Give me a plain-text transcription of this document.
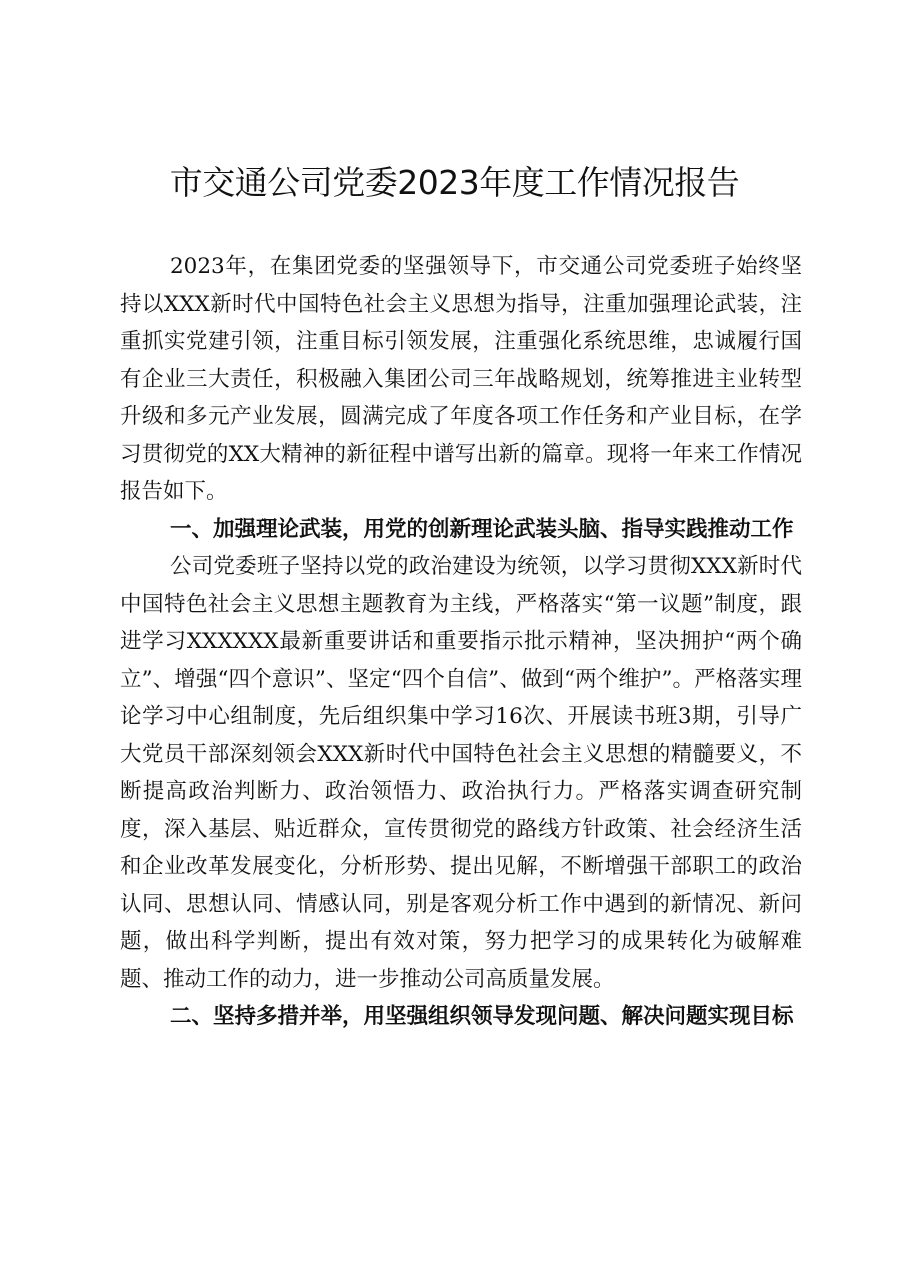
市交通公司党委2023年度工作情况报告

2023年，在集团党委的坚强领导下，市交通公司党委班子始终坚持以XXX新时代中国特色社会主义思想为指导，注重加强理论武装，注重抓实党建引领，注重目标引领发展，注重强化系统思维，忠诚履行国有企业三大责任，积极融入集团公司三年战略规划，统筹推进主业转型升级和多元产业发展，圆满完成了年度各项工作任务和产业目标，在学习贯彻党的XX大精神的新征程中谱写出新的篇章。现将一年来工作情况报告如下。

一、加强理论武装，用党的创新理论武装头脑、指导实践推动工作

公司党委班子坚持以党的政治建设为统领，以学习贯彻XXX新时代中国特色社会主义思想主题教育为主线，严格落实“第一议题”制度，跟进学习XXXXXX最新重要讲话和重要指示批示精神，坚决拥护“两个确立”、增强“四个意识”、坚定“四个自信”、做到“两个维护”。严格落实理论学习中心组制度，先后组织集中学习16次、开展读书班3期，引导广大党员干部深刻领会XXX新时代中国特色社会主义思想的精髓要义，不断提高政治判断力、政治领悟力、政治执行力。严格落实调查研究制度，深入基层、贴近群众，宣传贯彻党的路线方针政策、社会经济生活和企业改革发展变化，分析形势、提出见解，不断增强干部职工的政治认同、思想认同、情感认同，别是客观分析工作中遇到的新情况、新问题，做出科学判断，提出有效对策，努力把学习的成果转化为破解难题、推动工作的动力，进一步推动公司高质量发展。

二、坚持多措并举，用坚强组织领导发现问题、解决问题实现目标
